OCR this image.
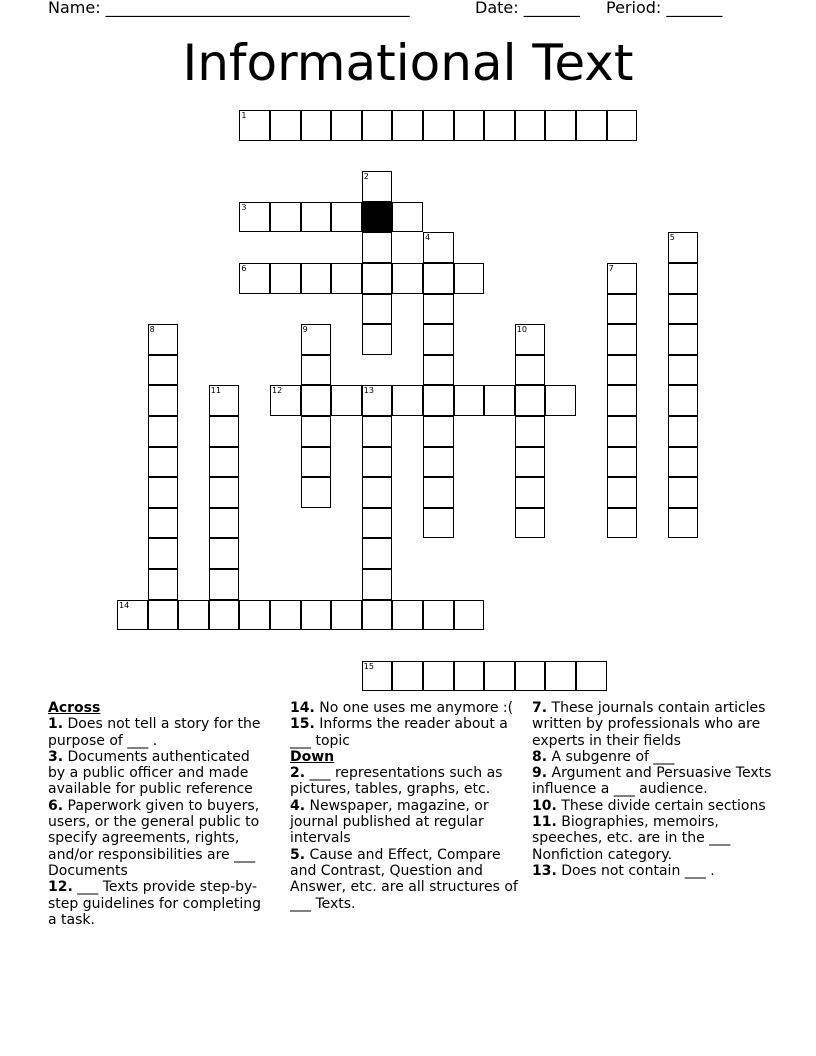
Name: ______________________________________	Date: _______ Period: _______
Informational Text
1
2
3
4	5
6	7
8	9	10
11	12	13
14
15
Across
1. Does not tell a story for the purpose of ___ .
3. Documents authenticated by a public officer and made available for public reference
6. Paperwork given to buyers, users, or the general public to specify agreements, rights, and/or responsibilities are ___ Documents
12. ___ Texts provide step-by-step guidelines for completing a task.
14. No one uses me anymore :(
15. Informs the reader about a ___ topic
Down
2. ___ representations such as pictures, tables, graphs, etc.
4. Newspaper, magazine, or journal published at regular intervals
5. Cause and Effect, Compare and Contrast, Question and Answer, etc. are all structures of ___ Texts.
7. These journals contain articles written by professionals who are experts in their fields
8. A subgenre of ___
9. Argument and Persuasive Texts influence a ___ audience.
10. These divide certain sections
11. Biographies, memoirs, speeches, etc. are in the ___ Nonfiction category.
13. Does not contain ___ .
